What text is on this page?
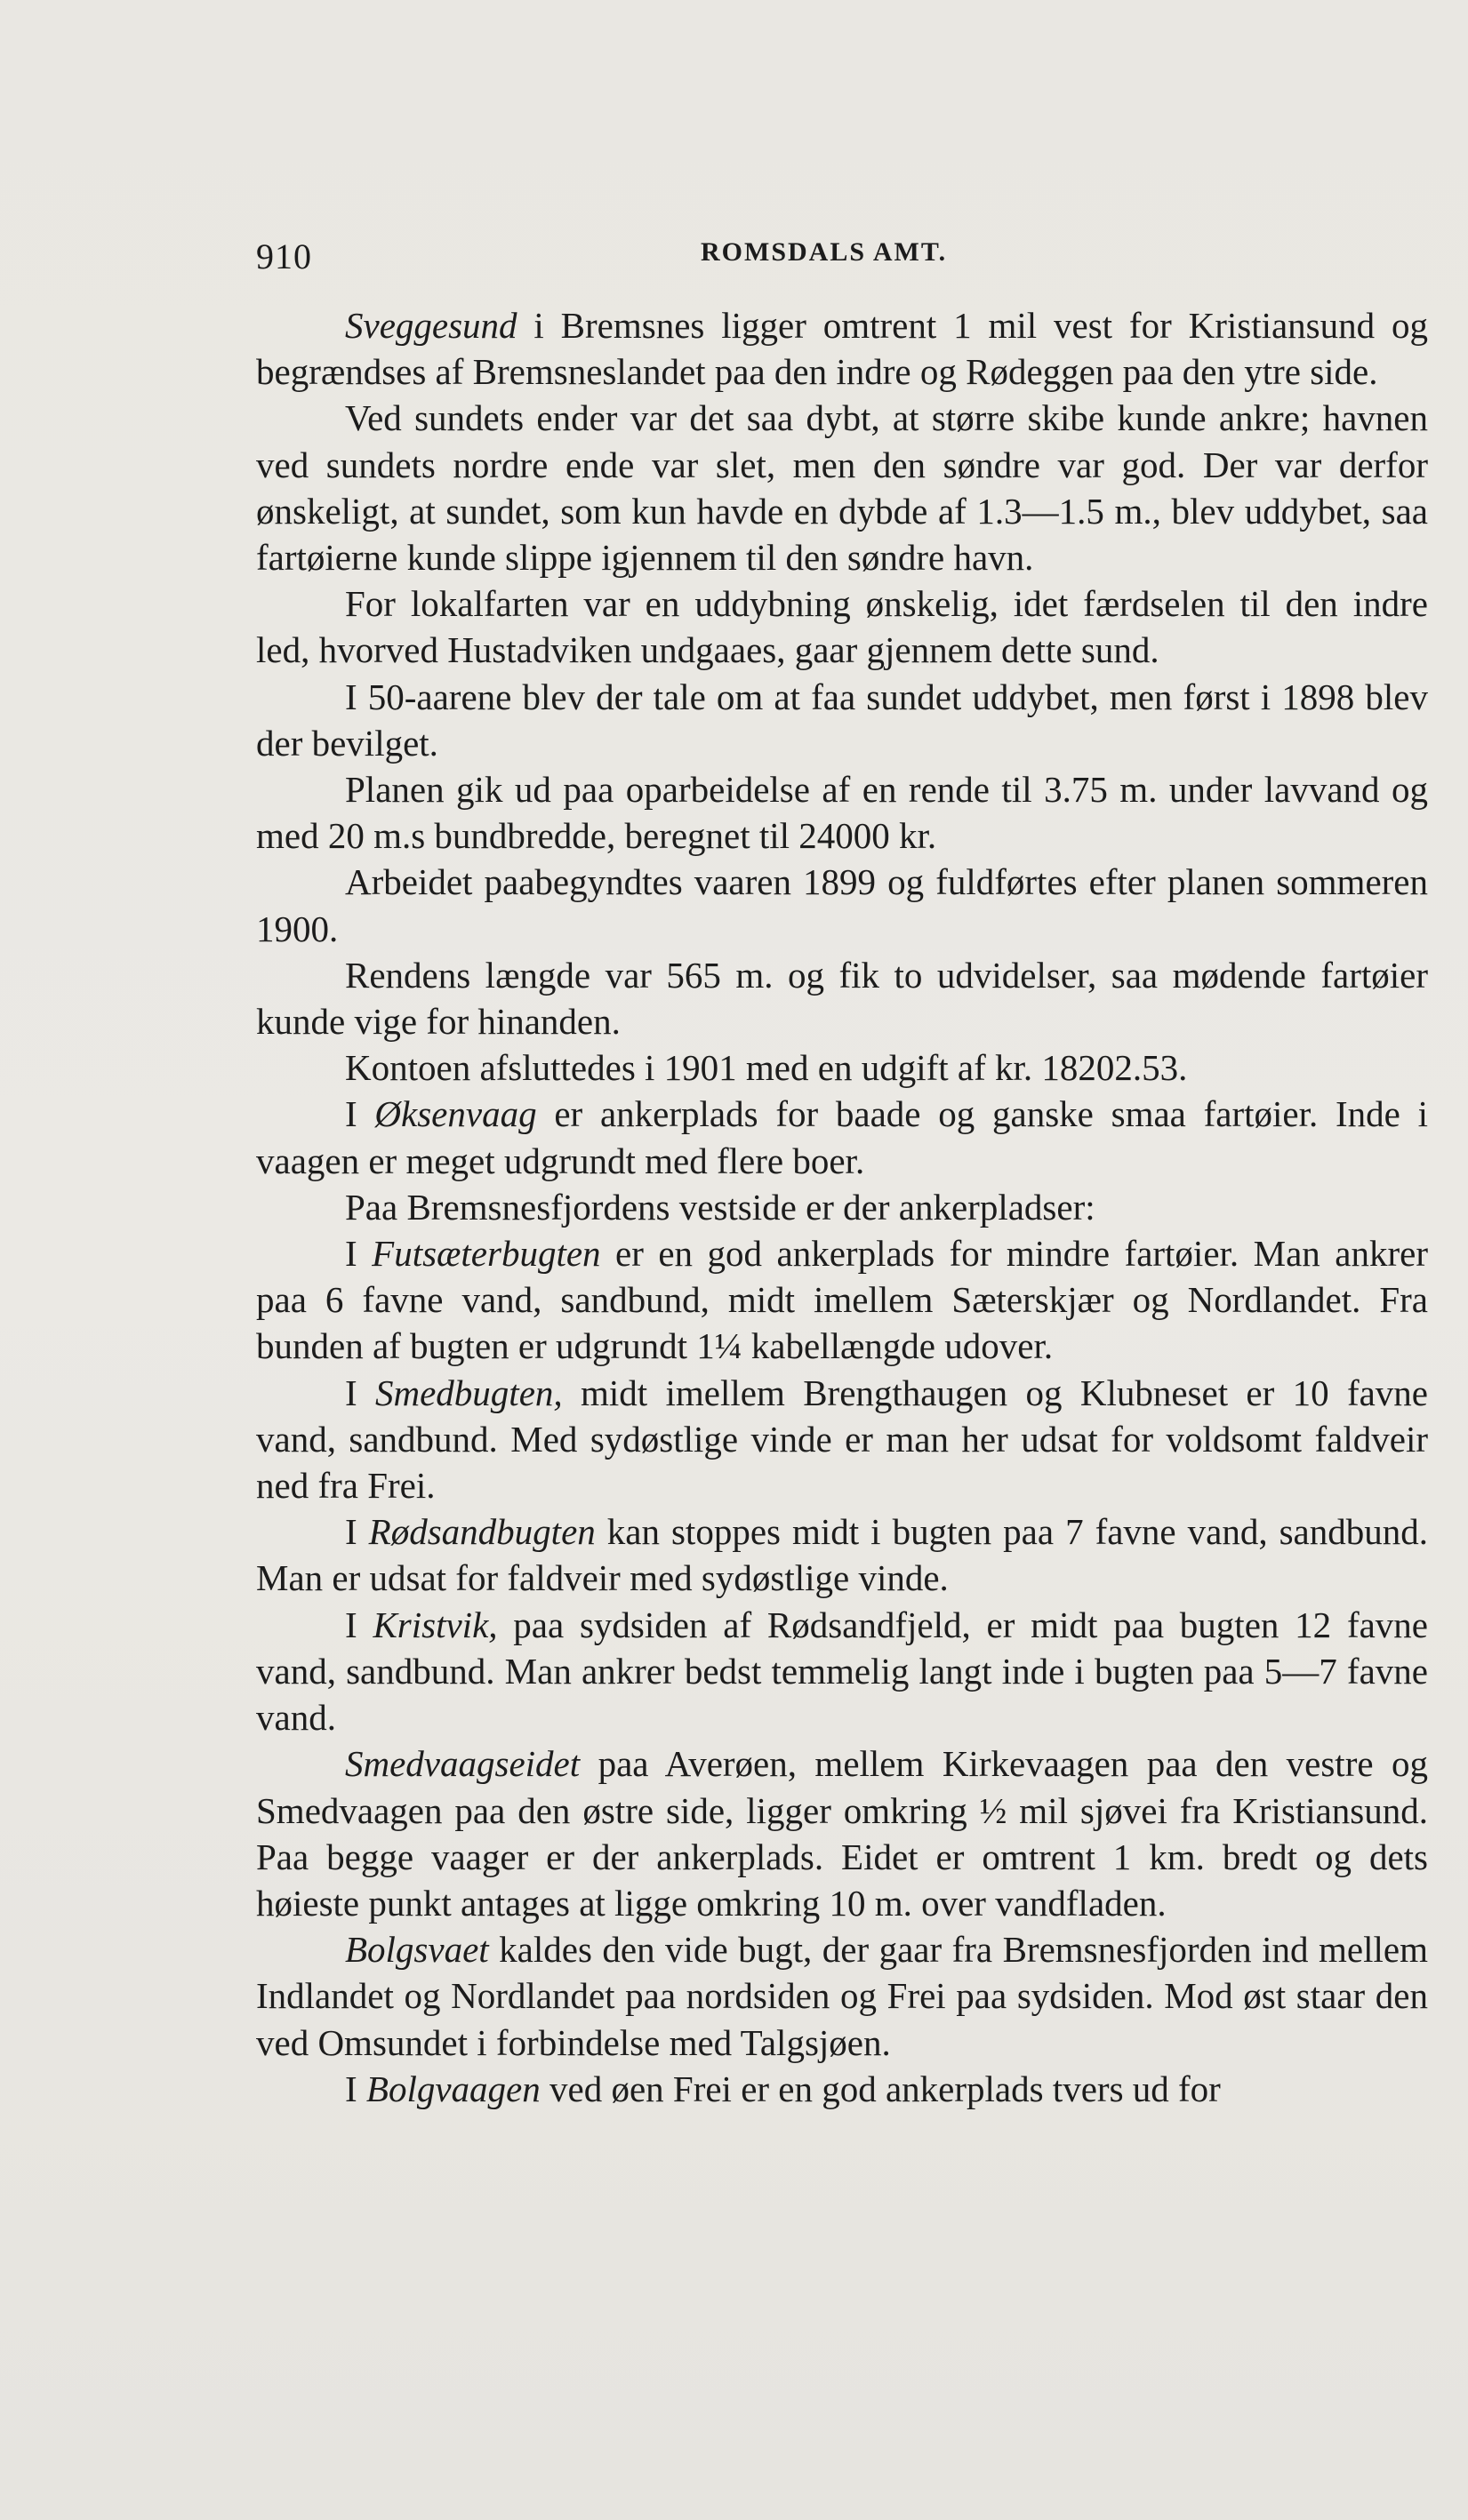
910	ROMSDALS AMT.

Sveggesund i Bremsnes ligger omtrent 1 mil vest for Kristiansund og begrændses af Bremsneslandet paa den indre og Rødeggen paa den ytre side.

Ved sundets ender var det saa dybt, at større skibe kunde ankre; havnen ved sundets nordre ende var slet, men den søndre var god. Der var derfor ønskeligt, at sundet, som kun havde en dybde af 1.3—1.5 m., blev uddybet, saa fartøierne kunde slippe igjennem til den søndre havn.

For lokalfarten var en uddybning ønskelig, idet færdselen til den indre led, hvorved Hustadviken undgaaes, gaar gjennem dette sund.

I 50-aarene blev der tale om at faa sundet uddybet, men først i 1898 blev der bevilget.

Planen gik ud paa oparbeidelse af en rende til 3.75 m. under lavvand og med 20 m.s bundbredde, beregnet til 24000 kr.

Arbeidet paabegyndtes vaaren 1899 og fuldførtes efter planen sommeren 1900.

Rendens længde var 565 m. og fik to udvidelser, saa mødende fartøier kunde vige for hinanden.

Kontoen afsluttedes i 1901 med en udgift af kr. 18202.53.

I Øksenvaag er ankerplads for baade og ganske smaa fartøier. Inde i vaagen er meget udgrundt med flere boer.

Paa Bremsnesfjordens vestside er der ankerpladser:

I Futsæterbugten er en god ankerplads for mindre fartøier. Man ankrer paa 6 favne vand, sandbund, midt imellem Sæterskjær og Nordlandet. Fra bunden af bugten er udgrundt 1¼ kabellængde udover.

I Smedbugten, midt imellem Brengthaugen og Klubneset er 10 favne vand, sandbund. Med sydøstlige vinde er man her udsat for voldsomt faldveir ned fra Frei.

I Rødsandbugten kan stoppes midt i bugten paa 7 favne vand, sandbund. Man er udsat for faldveir med sydøstlige vinde.

I Kristvik, paa sydsiden af Rødsandfjeld, er midt paa bugten 12 favne vand, sandbund. Man ankrer bedst temmelig langt inde i bugten paa 5—7 favne vand.

Smedvaagseidet paa Averøen, mellem Kirkevaagen paa den vestre og Smedvaagen paa den østre side, ligger omkring ½ mil sjøvei fra Kristiansund. Paa begge vaager er der ankerplads. Eidet er omtrent 1 km. bredt og dets høieste punkt antages at ligge omkring 10 m. over vandfladen.

Bolgsvaet kaldes den vide bugt, der gaar fra Bremsnesfjorden ind mellem Indlandet og Nordlandet paa nordsiden og Frei paa sydsiden. Mod øst staar den ved Omsundet i forbindelse med Talgsjøen.

I Bolgvaagen ved øen Frei er en god ankerplads tvers ud for
